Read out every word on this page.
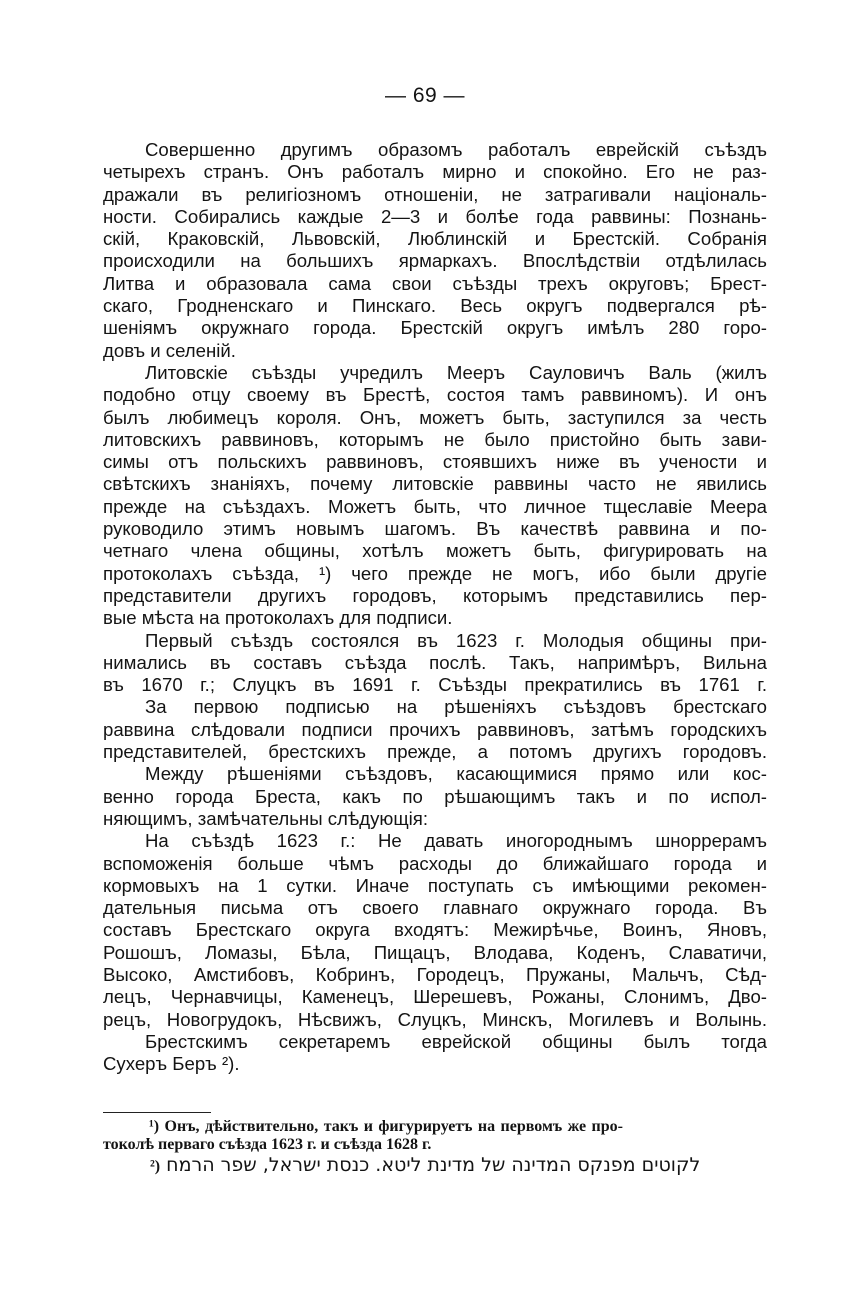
— 69 —
Совершенно другимъ образомъ работалъ еврейскій съѣздъ
четырехъ странъ. Онъ работалъ мирно и спокойно. Его не раз-
дражали въ религіозномъ отношеніи, не затрагивали національ-
ности. Собирались каждые 2—3 и болѣе года раввины: Познань-
скій, Краковскій, Львовскій, Люблинскій и Брестскій. Собранія
происходили на большихъ ярмаркахъ. Впослѣдствіи отдѣлилась
Литва и образовала сама свои съѣзды трехъ округовъ; Брест-
скаго, Гродненскаго и Пинскаго. Весь округъ подвергался рѣ-
шеніямъ окружнаго города. Брестскій округъ имѣлъ 280 горо-
довъ и селеній.
Литовскіе съѣзды учредилъ Мееръ Сауловичъ Валь (жилъ
подобно отцу своему въ Брестѣ, состоя тамъ раввиномъ). И онъ
былъ любимецъ короля. Онъ, можетъ быть, заступился за честь
литовскихъ раввиновъ, которымъ не было пристойно быть зави-
симы отъ польскихъ раввиновъ, стоявшихъ ниже въ учености и
свѣтскихъ знаніяхъ, почему литовскіе раввины часто не явились
прежде на съѣздахъ. Можетъ быть, что личное тщеславіе Меера
руководило этимъ новымъ шагомъ. Въ качествѣ раввина и по-
четнаго члена общины, хотѣлъ можетъ быть, фигурировать на
протоколахъ съѣзда, ¹) чего прежде не могъ, ибо были другіе
представители другихъ городовъ, которымъ представились пер-
вые мѣста на протоколахъ для подписи.
Первый съѣздъ состоялся въ 1623 г. Молодыя общины при-
нимались въ составъ съѣзда послѣ. Такъ, напримѣръ, Вильна
въ 1670 г.; Слуцкъ въ 1691 г. Съѣзды прекратились въ 1761 г.
За первою подписью на рѣшеніяхъ съѣздовъ брестскаго
раввина слѣдовали подписи прочихъ раввиновъ, затѣмъ городскихъ
представителей, брестскихъ прежде, а потомъ другихъ городовъ.
Между рѣшеніями съѣздовъ, касающимися прямо или кос-
венно города Бреста, какъ по рѣшающимъ такъ и по испол-
няющимъ, замѣчательны слѣдующія:
На съѣздѣ 1623 г.: Не давать иногороднымъ шноррерамъ
вспоможенія больше чѣмъ расходы до ближайшаго города и
кормовыхъ на 1 сутки. Иначе поступать съ имѣющими рекомен-
дательныя письма отъ своего главнаго окружнаго города. Въ
составъ Брестскаго округа входятъ: Межирѣчье, Воинъ, Яновъ,
Рошошъ, Ломазы, Бѣла, Пищацъ, Влодава, Коденъ, Славатичи,
Высоко, Амстибовъ, Кобринъ, Городецъ, Пружаны, Мальчъ, Сѣд-
лецъ, Чернавчицы, Каменецъ, Шерешевъ, Рожаны, Слонимъ, Дво-
рецъ, Новогрудокъ, Нѣсвижъ, Слуцкъ, Минскъ, Могилевъ и Волынь.
Брестскимъ секретаремъ еврейской общины былъ тогда
Сухеръ Беръ ²).
¹) Онъ, дѣйствительно, такъ и фигурируетъ на первомъ же про-
токолѣ перваго съѣзда 1623 г. и съѣзда 1628 г.
²) לקוטים מפנקס המדינה של מדינת ליטא. כנסת ישראל, שפר הרמח
